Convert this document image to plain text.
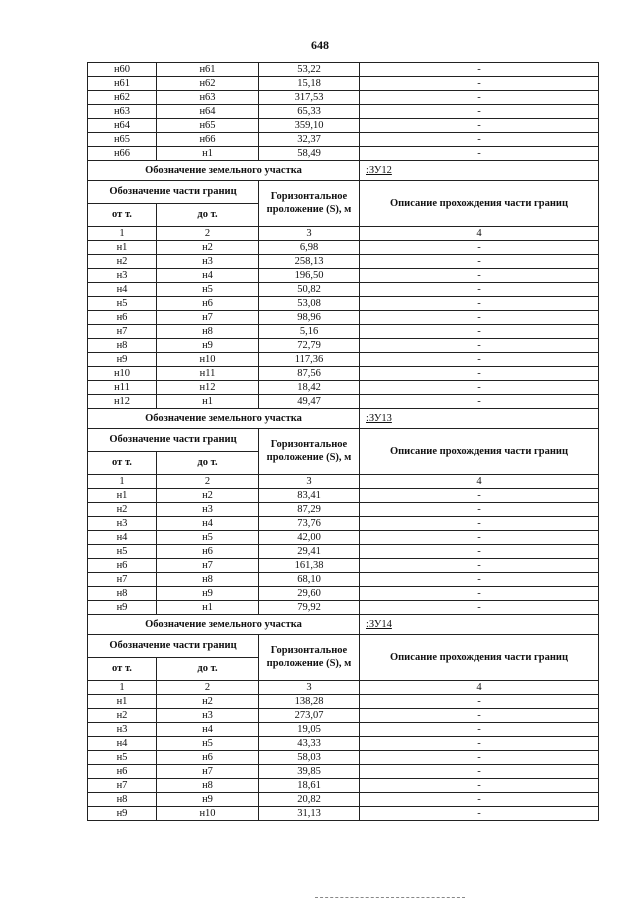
648
н60	н61	53,22	-
н61	н62	15,18	-
н62	н63	317,53	-
н63	н64	65,33	-
н64	н65	359,10	-
н65	н66	32,37	-
н66	н1	58,49	-
Обозначение земельного участка			:ЗУ12
Обозначение части границ		Горизонтальное проложение (S), м	Описание прохождения части границ
от т.	до т.		
1	2	3	4
н1	н2	6,98	-
н2	н3	258,13	-
н3	н4	196,50	-
н4	н5	50,82	-
н5	н6	53,08	-
н6	н7	98,96	-
н7	н8	5,16	-
н8	н9	72,79	-
н9	н10	117,36	-
н10	н11	87,56	-
н11	н12	18,42	-
н12	н1	49,47	-
Обозначение земельного участка			:ЗУ13
Обозначение части границ		Горизонтальное проложение (S), м	Описание прохождения части границ
от т.	до т.		
1	2	3	4
н1	н2	83,41	-
н2	н3	87,29	-
н3	н4	73,76	-
н4	н5	42,00	-
н5	н6	29,41	-
н6	н7	161,38	-
н7	н8	68,10	-
н8	н9	29,60	-
н9	н1	79,92	-
Обозначение земельного участка			:ЗУ14
Обозначение части границ		Горизонтальное проложение (S), м	Описание прохождения части границ
от т.	до т.		
1	2	3	4
н1	н2	138,28	-
н2	н3	273,07	-
н3	н4	19,05	-
н4	н5	43,33	-
н5	н6	58,03	-
н6	н7	39,85	-
н7	н8	18,61	-
н8	н9	20,82	-
н9	н10	31,13	-
